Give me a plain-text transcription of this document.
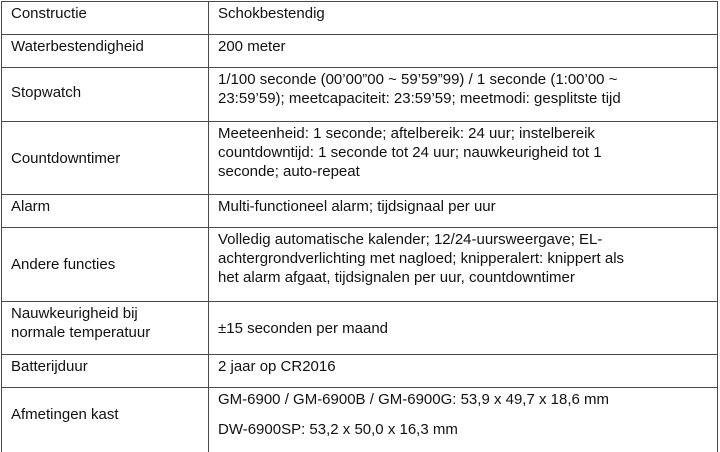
Constructie	Schokbestendig

Waterbestendigheid	200 meter

Stopwatch	1/100 seconde (00’00”00 ~ 59’59”99) / 1 seconde (1:00’00 ~
23:59’59); meetcapaciteit: 23:59’59; meetmodi: gesplitste tijd

Countdowntimer	Meeteenheid: 1 seconde; aftelbereik: 24 uur; instelbereik
countdowntijd: 1 seconde tot 24 uur; nauwkeurigheid tot 1
seconde; auto-repeat

Alarm	Multi-functioneel alarm; tijdsignaal per uur

Andere functies	Volledig automatische kalender; 12/24-uursweergave; EL-
achtergrondverlichting met nagloed; knipperalert: knippert als
het alarm afgaat, tijdsignalen per uur, countdowntimer

Nauwkeurigheid bij
normale temperatuur	±15 seconden per maand

Batterijduur	2 jaar op CR2016

Afmetingen kast	GM-6900 / GM-6900B / GM-6900G: 53,9 x 49,7 x 18,6 mm
DW-6900SP: 53,2 x 50,0 x 16,3 mm
